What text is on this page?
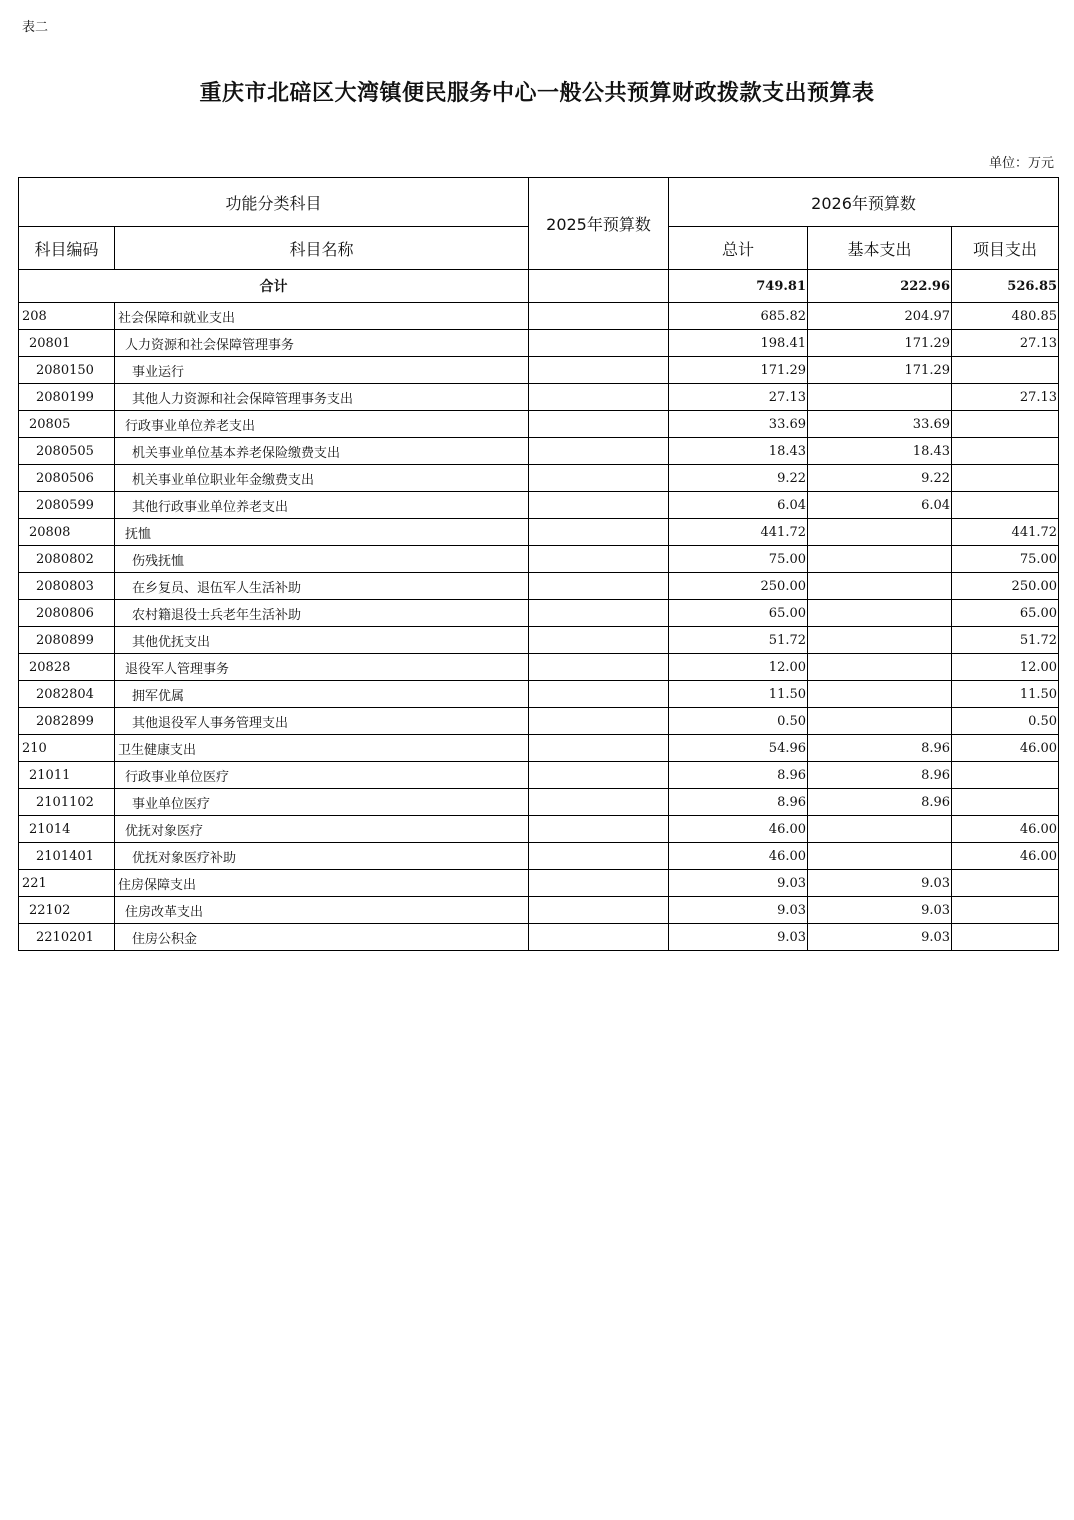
表二
重庆市北碚区大湾镇便民服务中心一般公共预算财政拨款支出预算表
单位：万元
功能分类科目		2025年预算数	2026年预算数		
科目编码	科目名称		总计	基本支出	项目支出
合计			749.81	222.96	526.85
208	社会保障和就业支出		685.82	204.97	480.85
20801	人力资源和社会保障管理事务		198.41	171.29	27.13
2080150	事业运行		171.29	171.29	
2080199	其他人力资源和社会保障管理事务支出		27.13		27.13
20805	行政事业单位养老支出		33.69	33.69	
2080505	机关事业单位基本养老保险缴费支出		18.43	18.43	
2080506	机关事业单位职业年金缴费支出		9.22	9.22	
2080599	其他行政事业单位养老支出		6.04	6.04	
20808	抚恤		441.72		441.72
2080802	伤残抚恤		75.00		75.00
2080803	在乡复员、退伍军人生活补助		250.00		250.00
2080806	农村籍退役士兵老年生活补助		65.00		65.00
2080899	其他优抚支出		51.72		51.72
20828	退役军人管理事务		12.00		12.00
2082804	拥军优属		11.50		11.50
2082899	其他退役军人事务管理支出		0.50		0.50
210	卫生健康支出		54.96	8.96	46.00
21011	行政事业单位医疗		8.96	8.96	
2101102	事业单位医疗		8.96	8.96	
21014	优抚对象医疗		46.00		46.00
2101401	优抚对象医疗补助		46.00		46.00
221	住房保障支出		9.03	9.03	
22102	住房改革支出		9.03	9.03	
2210201	住房公积金		9.03	9.03	
